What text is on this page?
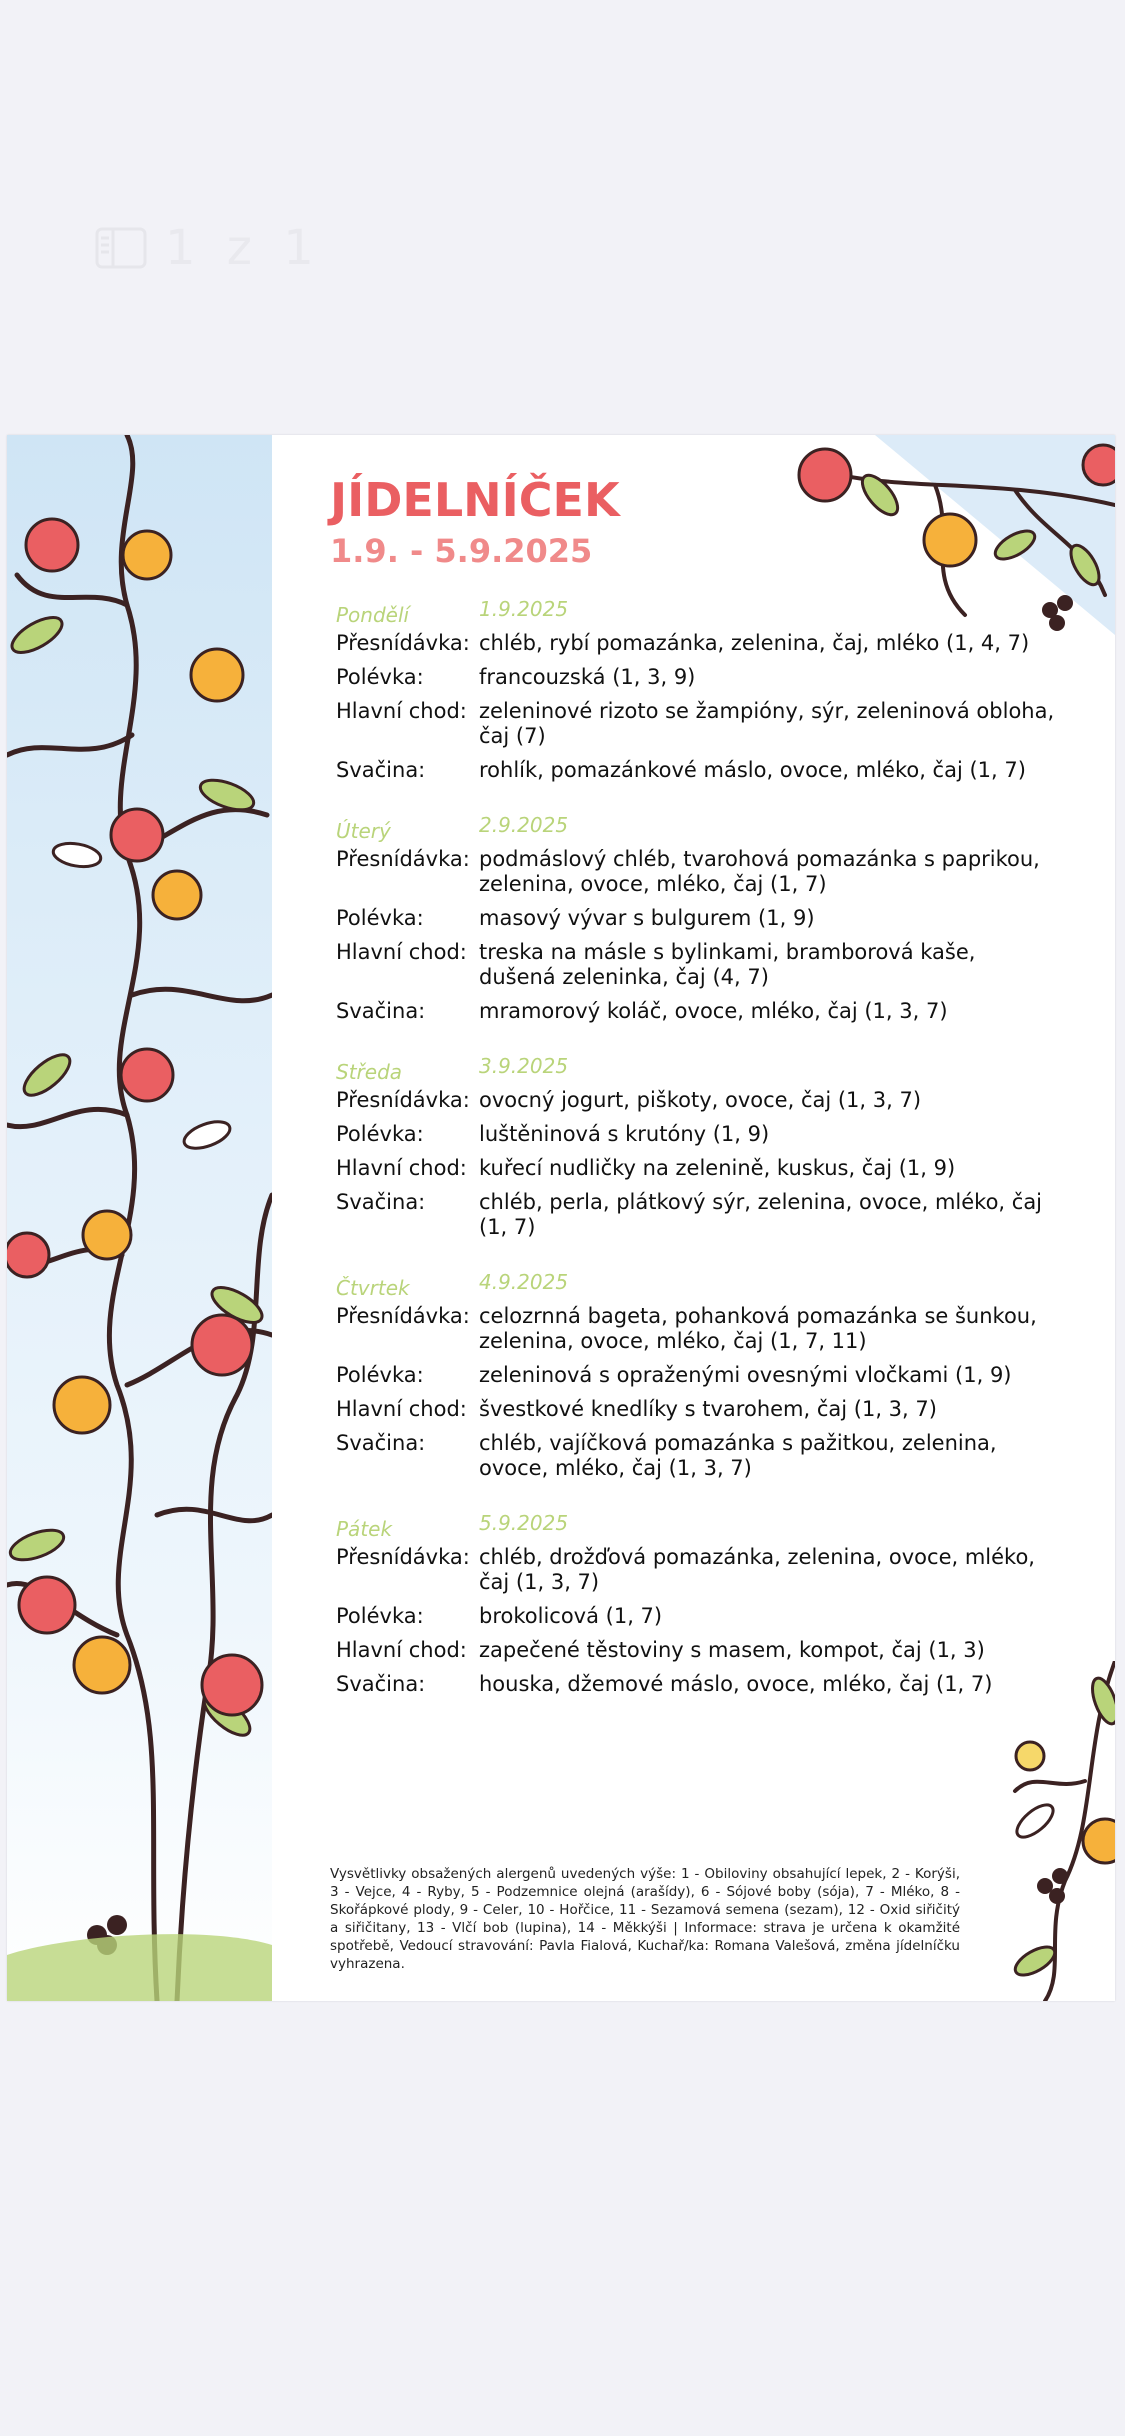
1 z 1
JÍDELNÍČEK
1.9. - 5.9.2025
Pondělí	1.9.2025
Přesnídávka: chléb, rybí pomazánka, zelenina, čaj, mléko (1, 4, 7)
Polévka:	francouzská (1, 3, 9)
Hlavní chod: zeleninové rizoto se žampióny, sýr, zeleninová obloha, čaj (7)
Svačina:	rohlík, pomazánkové máslo, ovoce, mléko, čaj (1, 7)
Úterý	2.9.2025
Přesnídávka: podmáslový chléb, tvarohová pomazánka s paprikou, zelenina, ovoce, mléko, čaj (1, 7)
Polévka:	masový vývar s bulgurem (1, 9)
Hlavní chod: treska na másle s bylinkami, bramborová kaše, dušená zeleninka, čaj (4, 7)
Svačina:	mramorový koláč, ovoce, mléko, čaj (1, 3, 7)
Středa	3.9.2025
Přesnídávka: ovocný jogurt, piškoty, ovoce, čaj (1, 3, 7)
Polévka:	luštěninová s krutóny (1, 9)
Hlavní chod: kuřecí nudličky na zelenině, kuskus, čaj (1, 9)
Svačina:	chléb, perla, plátkový sýr, zelenina, ovoce, mléko, čaj (1, 7)
Čtvrtek	4.9.2025
Přesnídávka: celozrnná bageta, pohanková pomazánka se šunkou, zelenina, ovoce, mléko, čaj (1, 7, 11)
Polévka:	zeleninová s opraženými ovesnými vločkami (1, 9)
Hlavní chod: švestkové knedlíky s tvarohem, čaj (1, 3, 7)
Svačina:	chléb, vajíčková pomazánka s pažitkou, zelenina, ovoce, mléko, čaj (1, 3, 7)
Pátek	5.9.2025
Přesnídávka: chléb, drožďová pomazánka, zelenina, ovoce, mléko, čaj (1, 3, 7)
Polévka:	brokolicová (1, 7)
Hlavní chod: zapečené těstoviny s masem, kompot, čaj (1, 3)
Svačina:	houska, džemové máslo, ovoce, mléko, čaj (1, 7)
Vysvětlivky obsažených alergenů uvedených výše: 1 - Obiloviny obsahující lepek, 2 - Korýši, 3 - Vejce, 4 - Ryby, 5 - Podzemnice olejná (arašídy), 6 - Sójové boby (sója), 7 - Mléko, 8 - Skořápkové plody, 9 - Celer, 10 - Hořčice, 11 - Sezamová semena (sezam), 12 - Oxid siřičitý a siřičitany, 13 - Vlčí bob (lupina), 14 - Měkkýši | Informace: strava je určena k okamžité spotřebě, Vedoucí stravování: Pavla Fialová, Kuchař/ka: Romana Valešová, změna jídelníčku vyhrazena.
